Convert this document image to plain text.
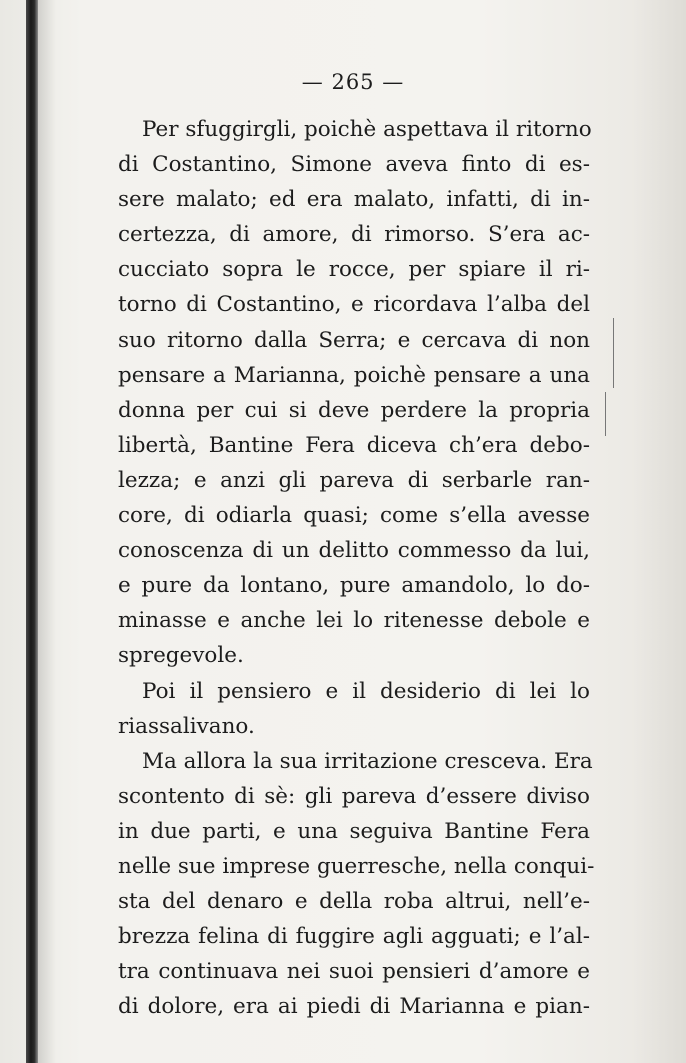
— 265 —
Per sfuggirgli, poichè aspettava il ritorno
di Costantino, Simone aveva finto di es-
sere malato; ed era malato, infatti, di in-
certezza, di amore, di rimorso. S’era ac-
cucciato sopra le rocce, per spiare il ri-
torno di Costantino, e ricordava l’alba del
suo ritorno dalla Serra; e cercava di non
pensare a Marianna, poichè pensare a una
donna per cui si deve perdere la propria
libertà, Bantine Fera diceva ch’era debo-
lezza; e anzi gli pareva di serbarle ran-
core, di odiarla quasi; come s’ella avesse
conoscenza di un delitto commesso da lui,
e pure da lontano, pure amandolo, lo do-
minasse e anche lei lo ritenesse debole e
spregevole.
Poi il pensiero e il desiderio di lei lo
riassalivano.
Ma allora la sua irritazione cresceva. Era
scontento di sè: gli pareva d’essere diviso
in due parti, e una seguiva Bantine Fera
nelle sue imprese guerresche, nella conqui-
sta del denaro e della roba altrui, nell’e-
brezza felina di fuggire agli agguati; e l’al-
tra continuava nei suoi pensieri d’amore e
di dolore, era ai piedi di Marianna e pian-
